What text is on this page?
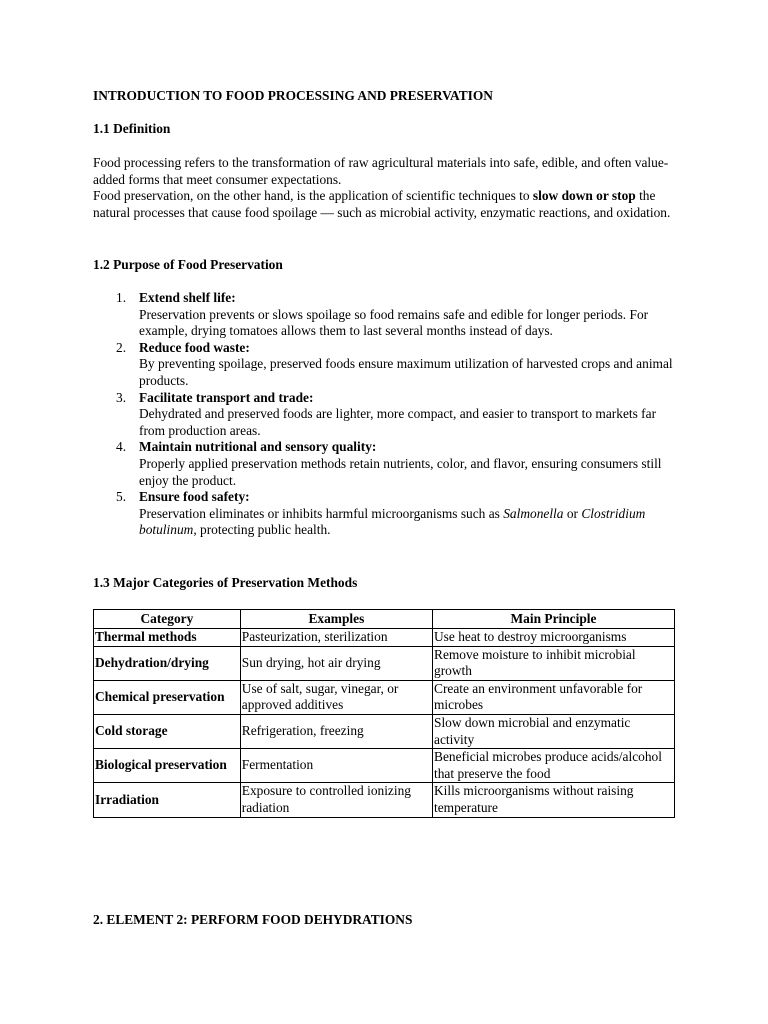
INTRODUCTION TO FOOD PROCESSING AND PRESERVATION
1.1 Definition

Food processing refers to the transformation of raw agricultural materials into safe, edible, and often value-added forms that meet consumer expectations.

Food preservation, on the other hand, is the application of scientific techniques to slow down or stop the natural processes that cause food spoilage — such as microbial activity, enzymatic reactions, and oxidation.

1.2 Purpose of Food Preservation
1. Extend shelf life:
Preservation prevents or slows spoilage so food remains safe and edible for longer periods. For example, drying tomatoes allows them to last several months instead of days.
2. Reduce food waste:
By preventing spoilage, preserved foods ensure maximum utilization of harvested crops and animal products.
3. Facilitate transport and trade:
Dehydrated and preserved foods are lighter, more compact, and easier to transport to markets far from production areas.
4. Maintain nutritional and sensory quality:
Properly applied preservation methods retain nutrients, color, and flavor, ensuring consumers still enjoy the product.
5. Ensure food safety:
Preservation eliminates or inhibits harmful microorganisms such as Salmonella or Clostridium botulinum, protecting public health.
1.3 Major Categories of Preservation Methods
Category	Examples	Main Principle
Thermal methods	Pasteurization, sterilization	Use heat to destroy microorganisms
Dehydration/drying	Sun drying, hot air drying	Remove moisture to inhibit microbial growth
Chemical preservation	Use of salt, sugar, vinegar, or approved additives	Create an environment unfavorable for microbes
Cold storage	Refrigeration, freezing	Slow down microbial and enzymatic activity
Biological preservation	Fermentation	Beneficial microbes produce acids/alcohol that preserve the food
Irradiation	Exposure to controlled ionizing radiation	Kills microorganisms without raising temperature
2. ELEMENT 2: PERFORM FOOD DEHYDRATIONS
